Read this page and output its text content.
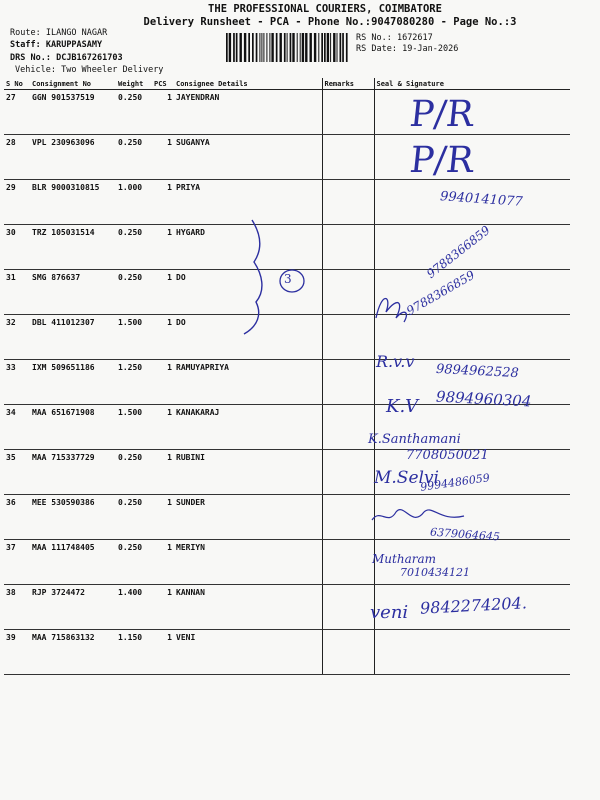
THE PROFESSIONAL COURIERS, COIMBATORE
Delivery Runsheet - PCA - Phone No.:9047080280 - Page No.:3
Route: ILANGO NAGAR
Staff: KARUPPASAMY
DRS No.: DCJB167261703
Vehicle: Two Wheeler Delivery
RS No.: 1672617
RS Date: 19-Jan-2026
S No	Consignment No	Weight	PCS	Consignee Details	Remarks	Seal & Signature
27	GGN 901537519	0.250	1	JAYENDRAN		
28	VPL 230963096	0.250	1	SUGANYA		
29	BLR 9000310815	1.000	1	PRIYA		
30	TRZ 105031514	0.250	1	HYGARD		
31	SMG 876637	0.250	1	DO		
32	DBL 411012307	1.500	1	DO		
33	IXM 509651186	1.250	1	RAMUYAPRIYA		
34	MAA 651671908	1.500	1	KANAKARAJ		
35	MAA 715337729	0.250	1	RUBINI		
36	MEE 530590386	0.250	1	SUNDER		
37	MAA 111748405	0.250	1	MERIYN		
38	RJP 3724472	1.400	1	KANNAN		
39	MAA 715863132	1.150	1	VENI		
P/R
P/R
9940141077
3	9788366859
9788366859
R.v.v
9894962528
K.V 9894960304
K.Santhamani
7708050021
M.Selvi
9994486059
6379064645
Mutharam
7010434121
veni 9842274204.
